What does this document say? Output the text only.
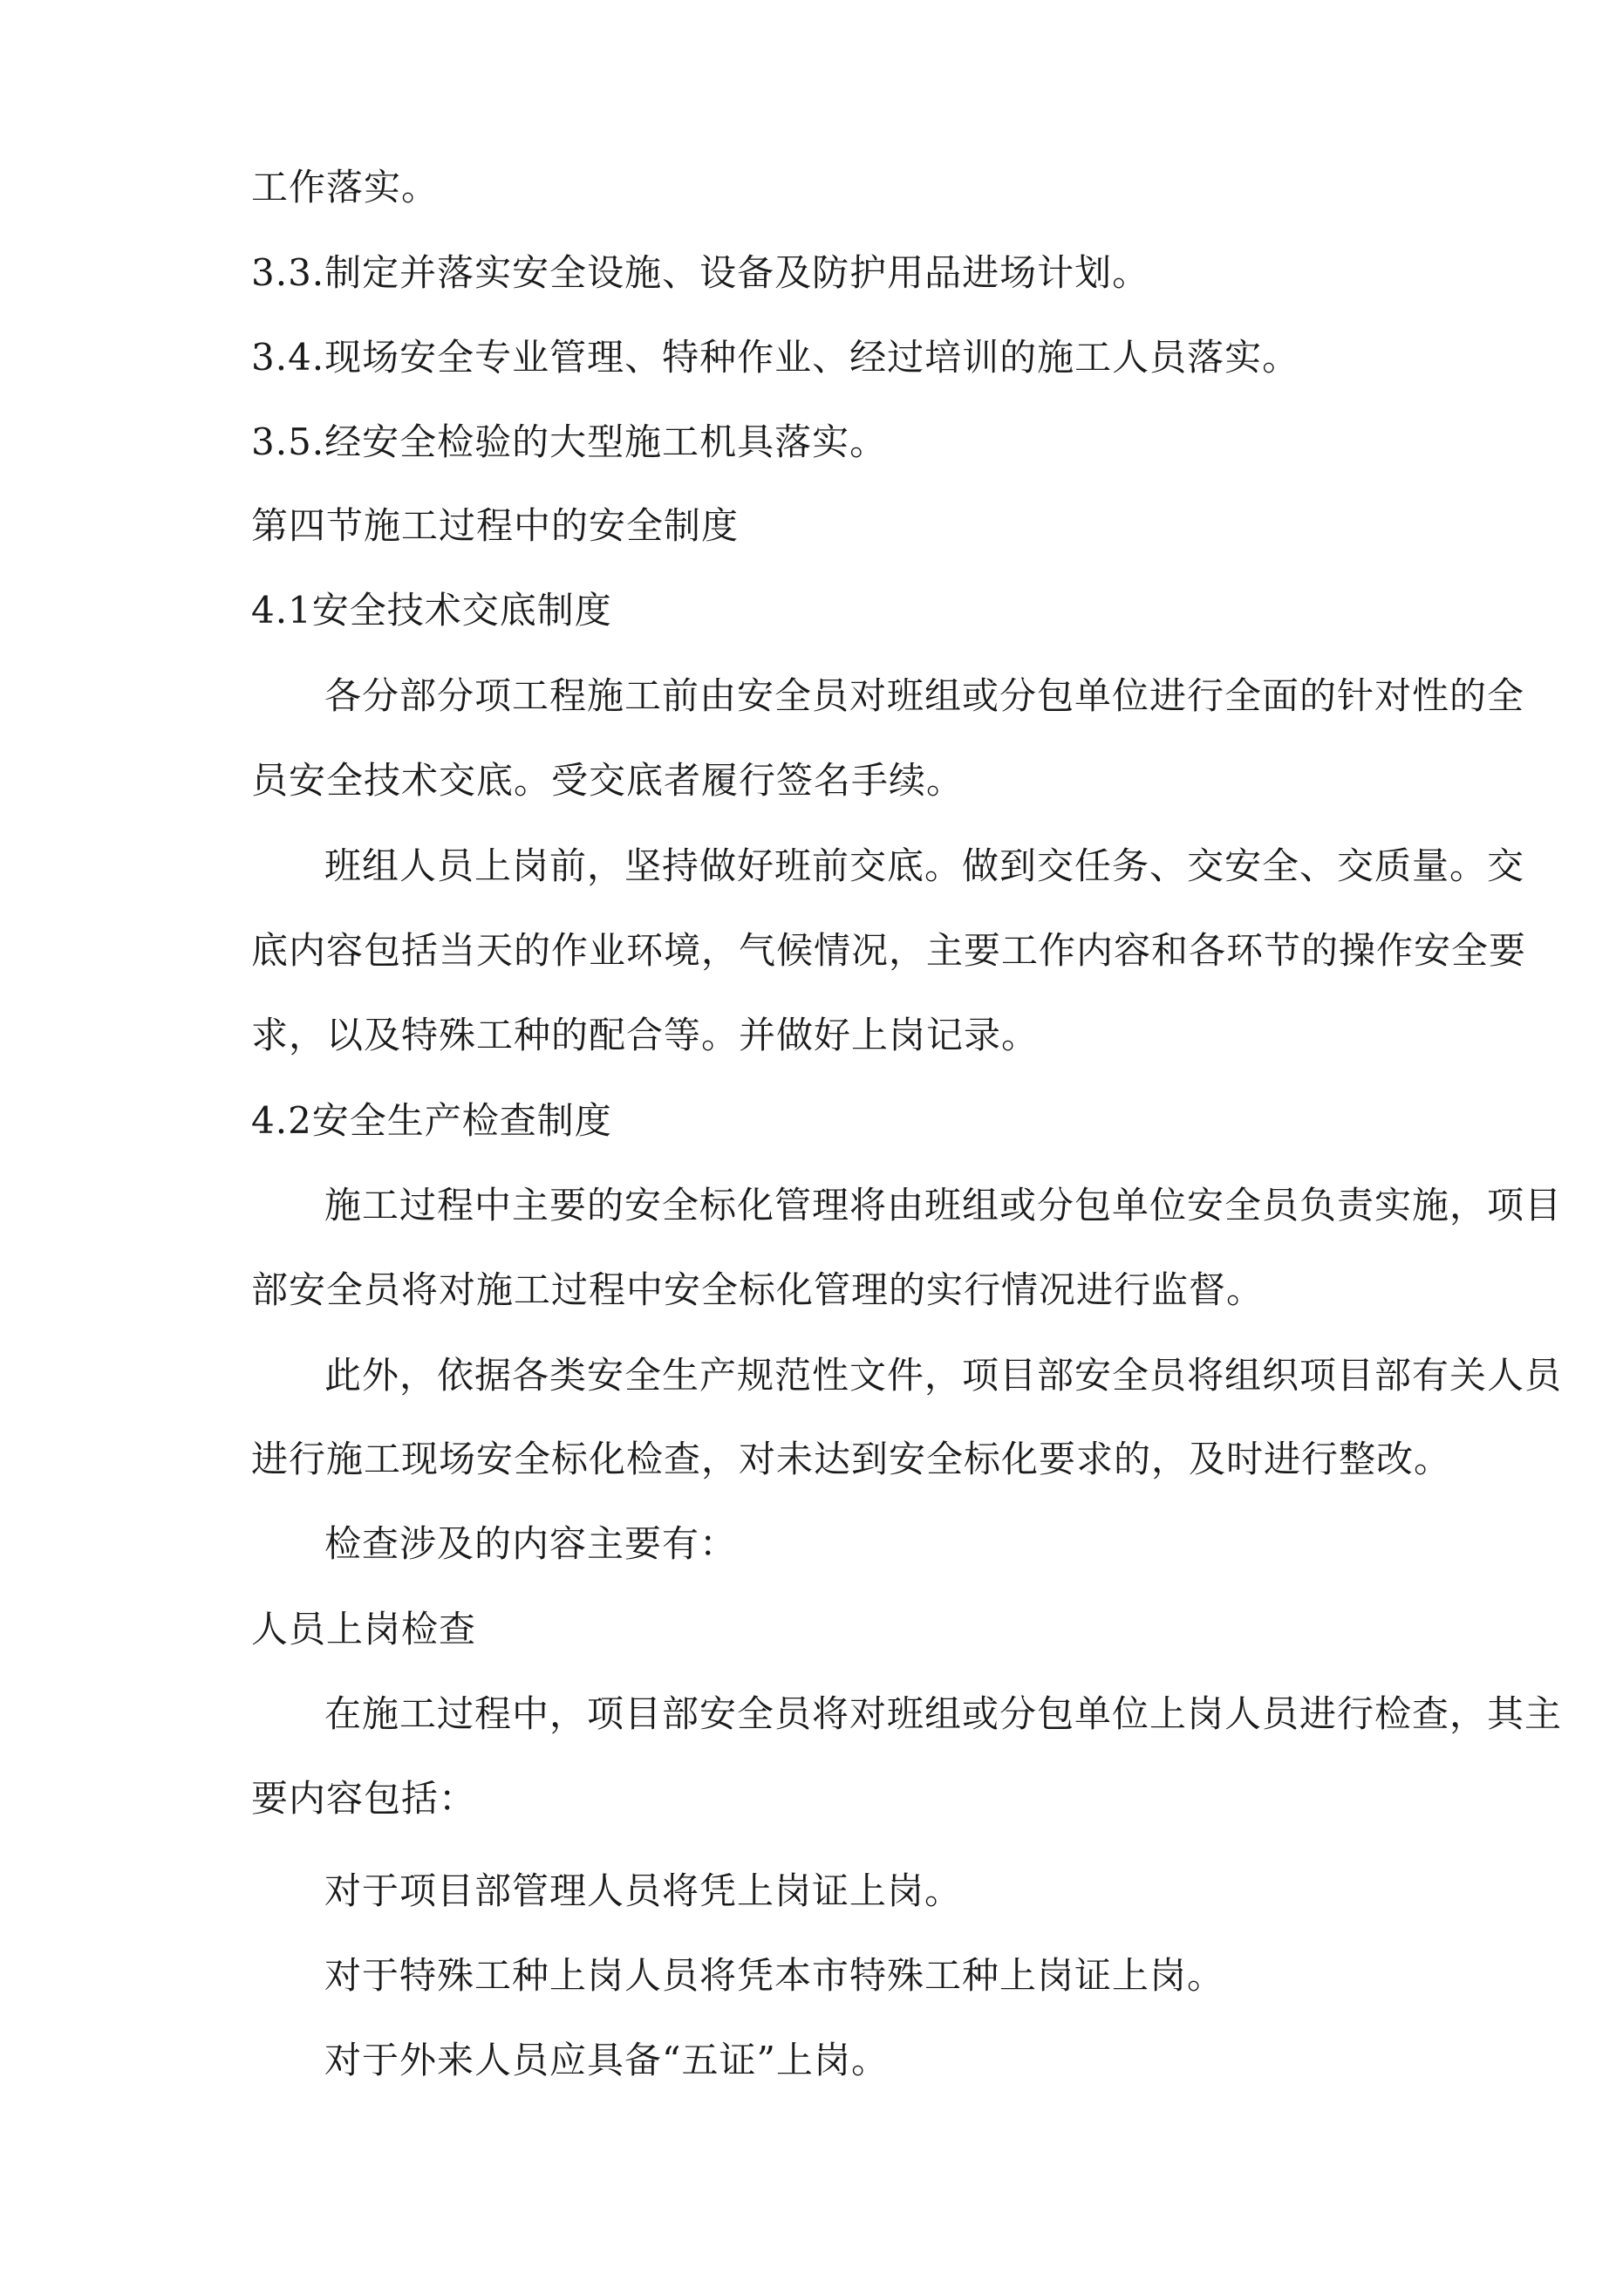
工作落实。
3.3.制定并落实安全设施、设备及防护用品进场计划。
3.4.现场安全专业管理、特种作业、经过培训的施工人员落实。
3.5.经安全检验的大型施工机具落实。
第四节施工过程中的安全制度
4.1安全技术交底制度
各分部分项工程施工前由安全员对班组或分包单位进行全面的针对性的全
员安全技术交底。受交底者履行签名手续。
班组人员上岗前，坚持做好班前交底。做到交任务、交安全、交质量。交
底内容包括当天的作业环境，气候情况，主要工作内容和各环节的操作安全要
求，以及特殊工种的配合等。并做好上岗记录。
4.2安全生产检查制度
施工过程中主要的安全标化管理将由班组或分包单位安全员负责实施，项目
部安全员将对施工过程中安全标化管理的实行情况进行监督。
此外，依据各类安全生产规范性文件，项目部安全员将组织项目部有关人员
进行施工现场安全标化检查，对未达到安全标化要求的，及时进行整改。
检查涉及的内容主要有：
人员上岗检查
在施工过程中，项目部安全员将对班组或分包单位上岗人员进行检查，其主
要内容包括：
对于项目部管理人员将凭上岗证上岗。
对于特殊工种上岗人员将凭本市特殊工种上岗证上岗。
对于外来人员应具备“五证”上岗。
